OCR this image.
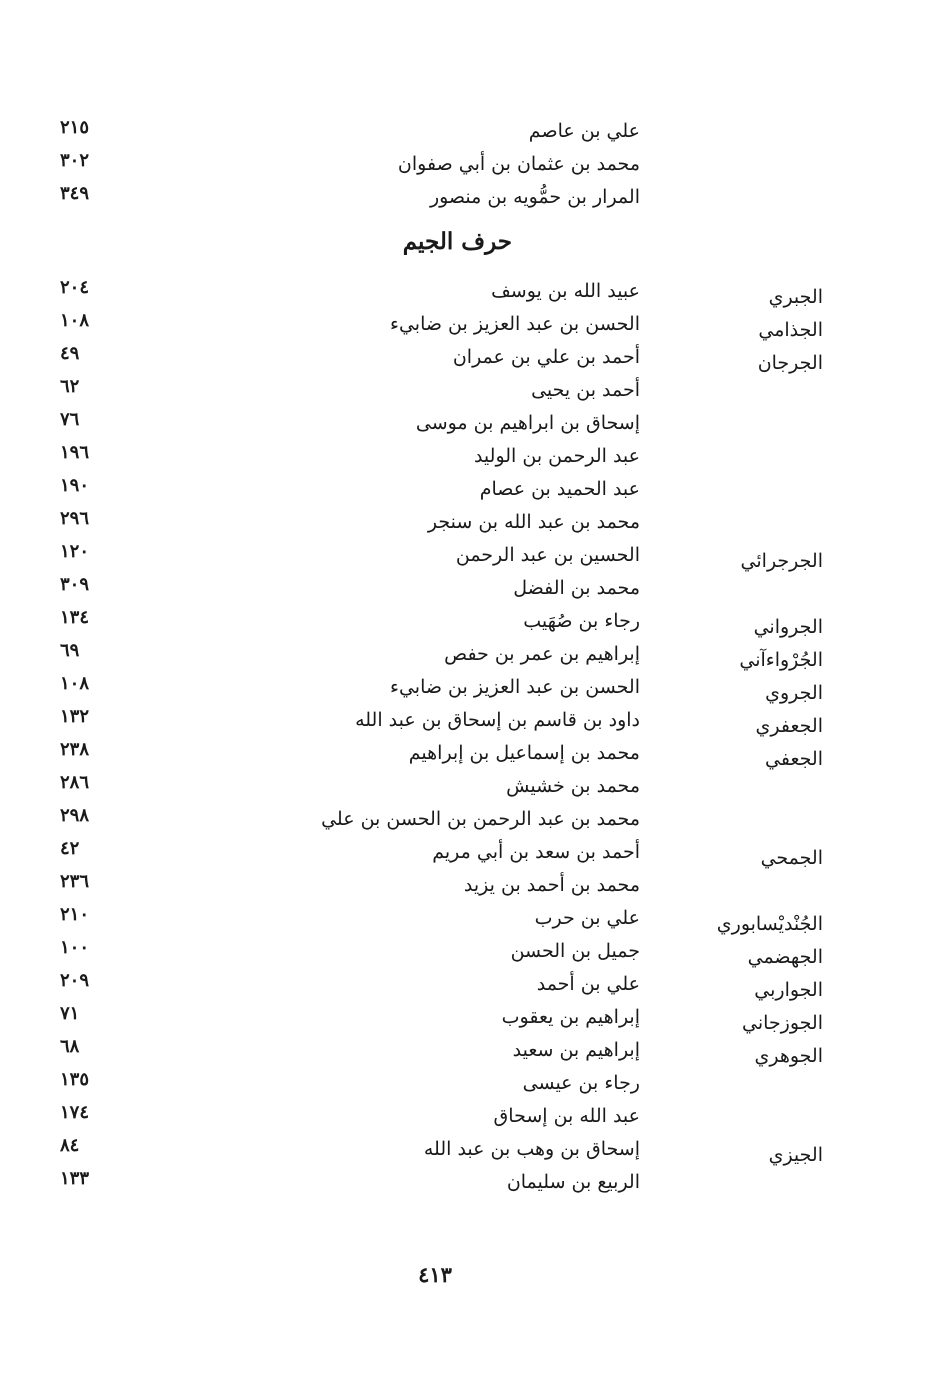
علي بن عاصم
٢١٥
محمد بن عثمان بن أبي صفوان
٣٠٢
المرار بن حمُّويه بن منصور
٣٤٩
حرف الجيم
الجبري
عبيد الله بن يوسف
٢٠٤
الجذامي
الحسن بن عبد العزيز بن ضابيء
١٠٨
الجرجان
أحمد بن علي بن عمران
٤٩
أحمد بن يحيى
٦٢
إسحاق بن ابراهيم بن موسى
٧٦
عبد الرحمن بن الوليد
١٩٦
عبد الحميد بن عصام
١٩٠
محمد بن عبد الله بن سنجر
٢٩٦
الجرجرائي
الحسين بن عبد الرحمن
١٢٠
محمد بن الفضل
٣٠٩
الجرواني
رجاء بن صُهَيب
١٣٤
الجُرْواءآني
إبراهيم بن عمر بن حفص
٦٩
الجروي
الحسن بن عبد العزيز بن ضابيء
١٠٨
الجعفري
داود بن قاسم بن إسحاق بن عبد الله
١٣٢
الجعفي
محمد بن إسماعيل بن إبراهيم
٢٣٨
محمد بن خشيش
٢٨٦
محمد بن عبد الرحمن بن الحسن بن علي
٢٩٨
الجمحي
أحمد بن سعد بن أبي مريم
٤٢
محمد بن أحمد بن يزيد
٢٣٦
الجُنْديْسابوري
علي بن حرب
٢١٠
الجهضمي
جميل بن الحسن
١٠٠
الجواربي
علي بن أحمد
٢٠٩
الجوزجاني
إبراهيم بن يعقوب
٧١
الجوهري
إبراهيم بن سعيد
٦٨
رجاء بن عيسى
١٣٥
عبد الله بن إسحاق
١٧٤
الجيزي
إسحاق بن وهب بن عبد الله
٨٤
الربيع بن سليمان
١٣٣
٤١٣
